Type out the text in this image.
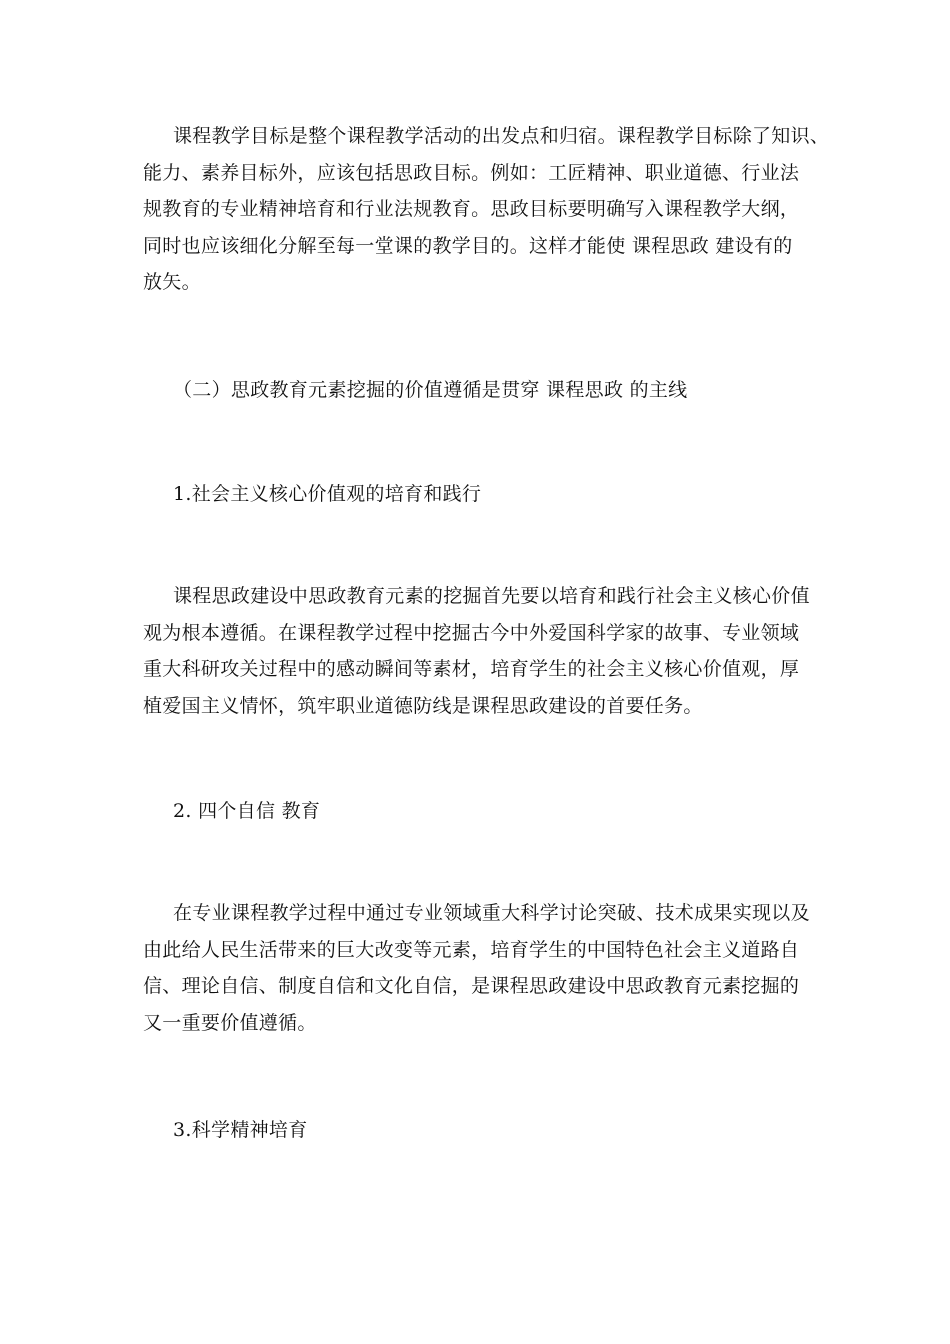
课程教学目标是整个课程教学活动的出发点和归宿。课程教学目标除了知识、
能力、素养目标外，应该包括思政目标。例如：工匠精神、职业道德、行业法
规教育的专业精神培育和行业法规教育。思政目标要明确写入课程教学大纲，
同时也应该细化分解至每一堂课的教学目的。这样才能使 课程思政 建设有的
放矢。
（二）思政教育元素挖掘的价值遵循是贯穿 课程思政 的主线
1.社会主义核心价值观的培育和践行
课程思政建设中思政教育元素的挖掘首先要以培育和践行社会主义核心价值
观为根本遵循。在课程教学过程中挖掘古今中外爱国科学家的故事、专业领域
重大科研攻关过程中的感动瞬间等素材，培育学生的社会主义核心价值观，厚
植爱国主义情怀，筑牢职业道德防线是课程思政建设的首要任务。
2. 四个自信 教育
在专业课程教学过程中通过专业领域重大科学讨论突破、技术成果实现以及
由此给人民生活带来的巨大改变等元素，培育学生的中国特色社会主义道路自
信、理论自信、制度自信和文化自信，是课程思政建设中思政教育元素挖掘的
又一重要价值遵循。
3.科学精神培育
